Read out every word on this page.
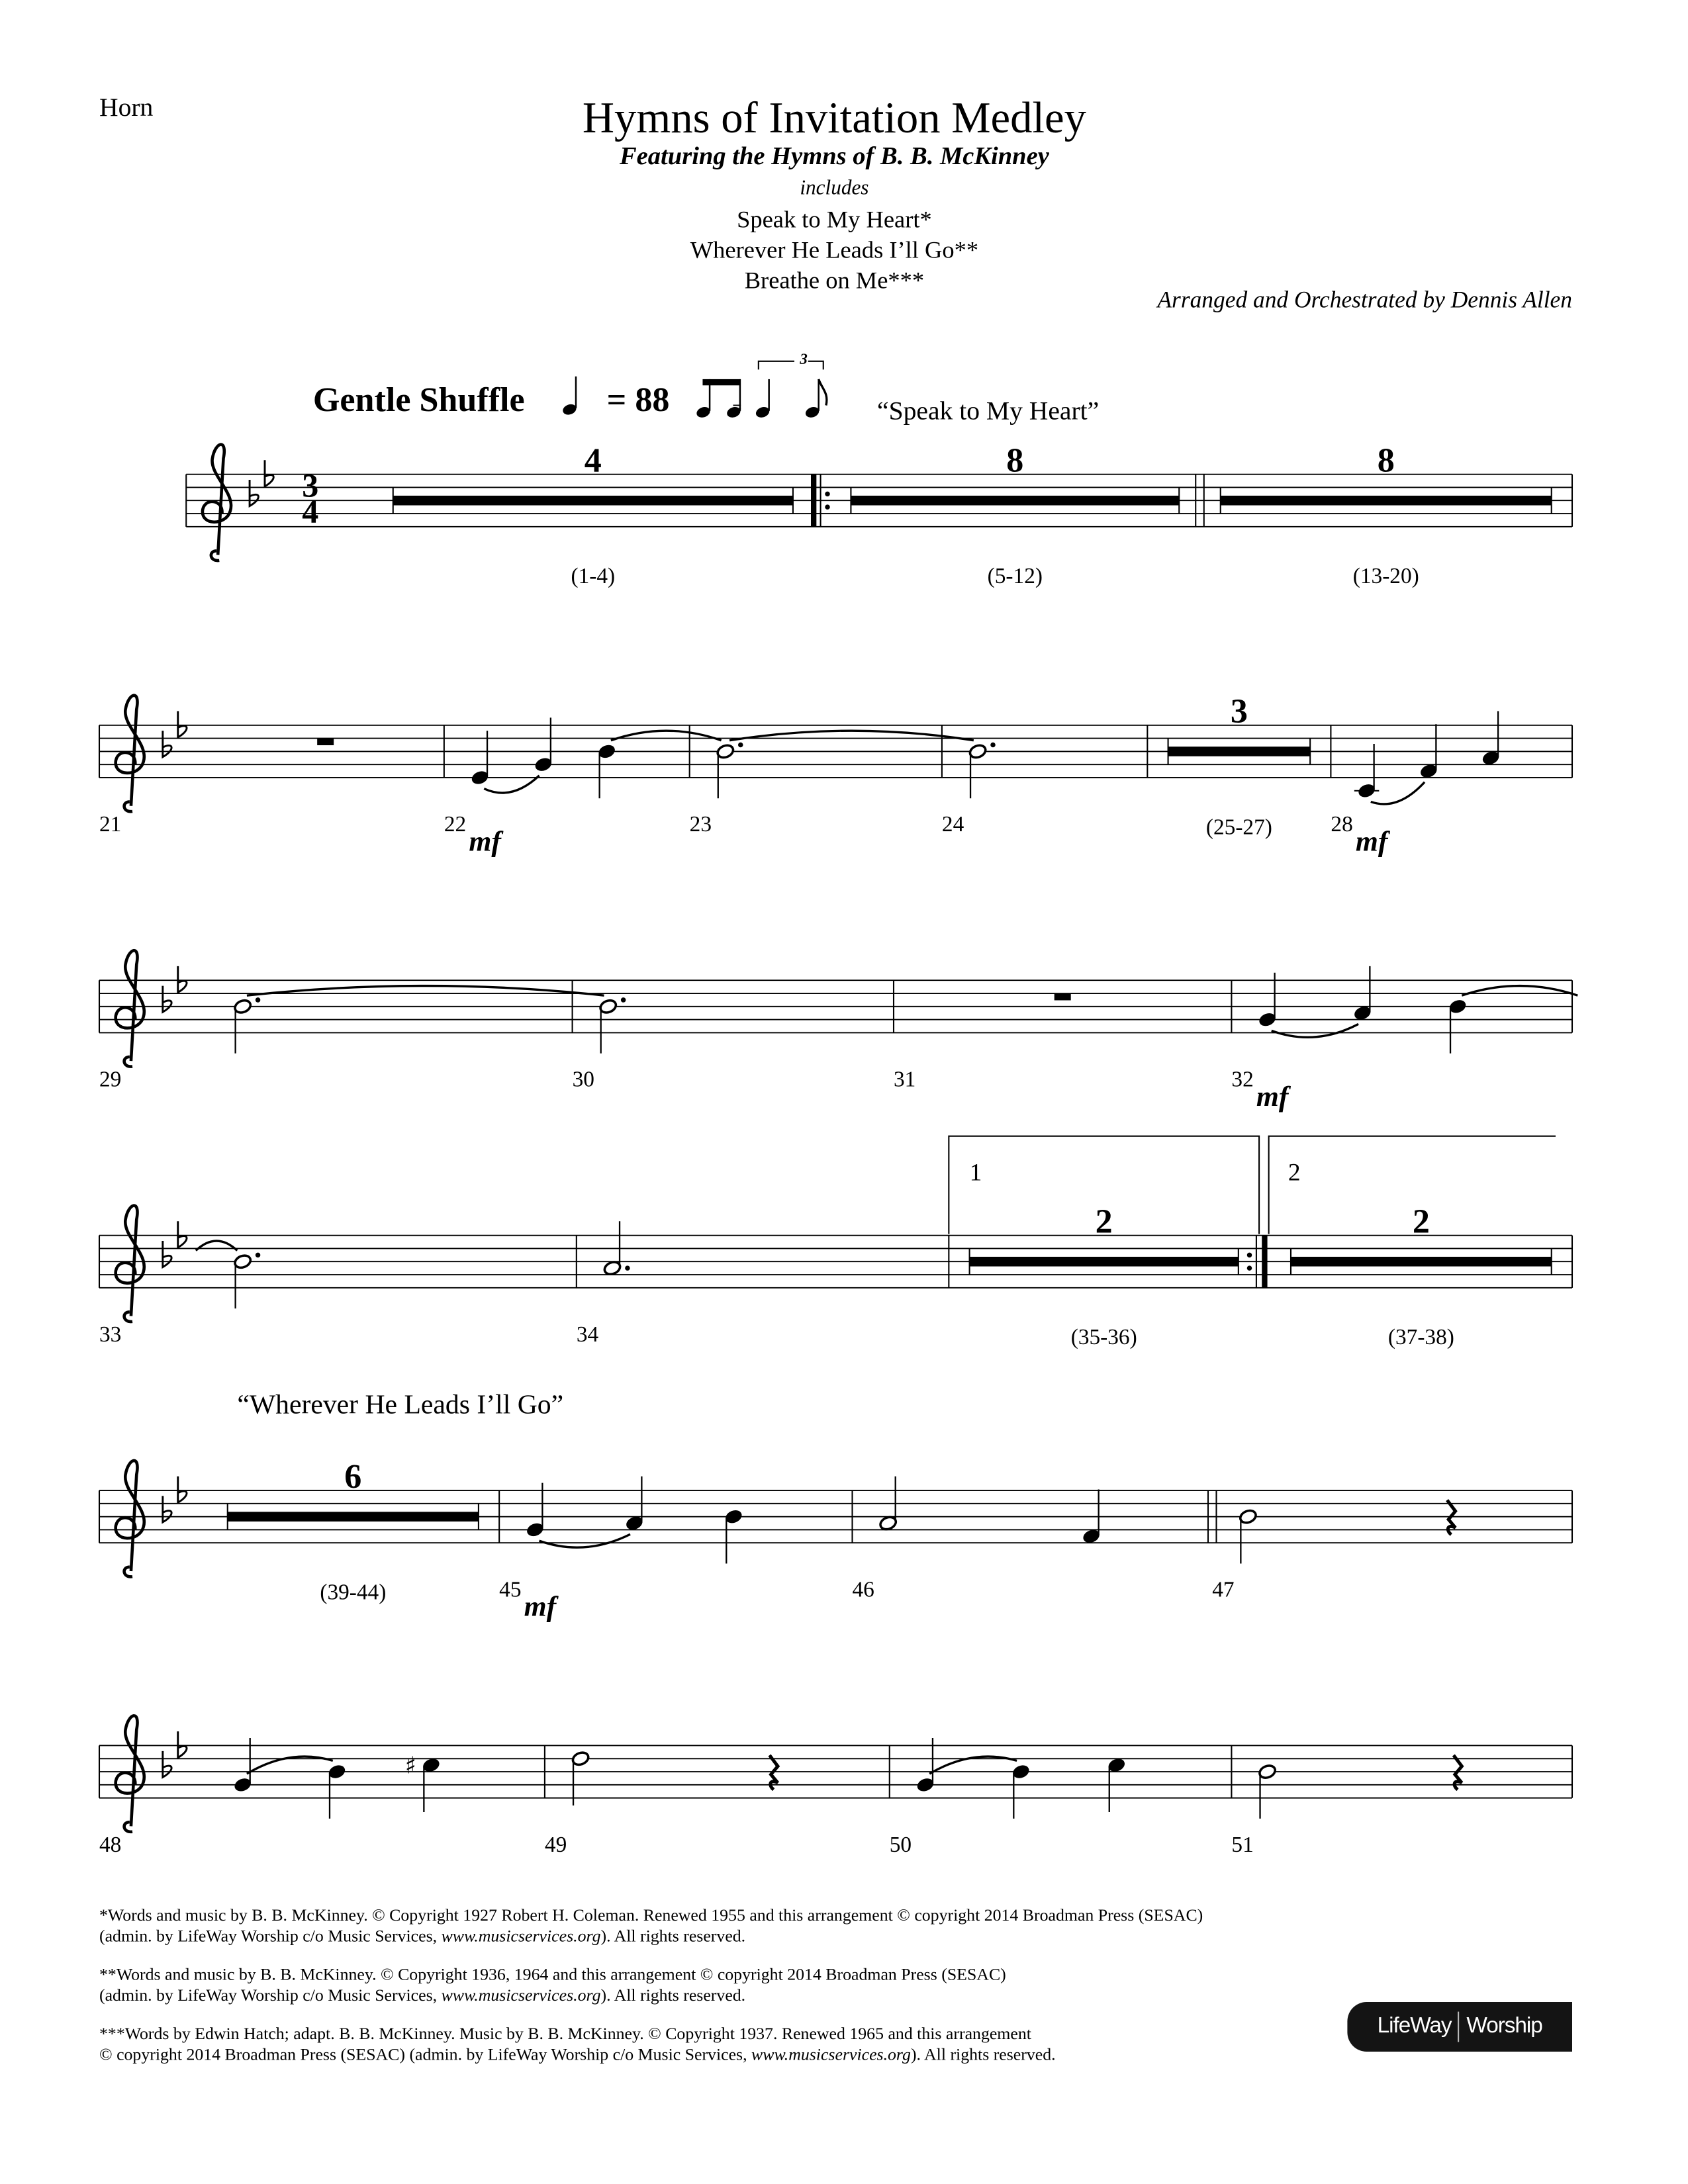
4
(1-4)
8
(5-12)
8
(13-20)
21	22
mf
23	24
3
(25-27)	28
mf
29	30	31	32
mf
33	34
2
(35-36)
2
(37-38)
6
(39-44)	45
mf
46	47
48
♯
49	50	51
Horn	Hymns of Invitation Medley
Featuring the Hymns of B. B. McKinney
includes
Speak to My Heart*
Wherever He Leads I’ll Go**
Breathe on Me***
Arranged and Orchestrated by Dennis Allen
Gentle Shuffle	= 88	=
3
“Speak to My Heart”
“Wherever He Leads I’ll Go”
3
4
1	2
*Words and music by B. B. McKinney. © Copyright 1927 Robert H. Coleman. Renewed 1955 and this arrangement © copyright 2014 Broadman Press (SESAC)
(admin. by LifeWay Worship c/o Music Services, www.musicservices.org). All rights reserved.
**Words and music by B. B. McKinney. © Copyright 1936, 1964 and this arrangement © copyright 2014 Broadman Press (SESAC)
(admin. by LifeWay Worship c/o Music Services, www.musicservices.org). All rights reserved.
***Words by Edwin Hatch; adapt. B. B. McKinney. Music by B. B. McKinney. © Copyright 1937. Renewed 1965 and this arrangement
© copyright 2014 Broadman Press (SESAC) (admin. by LifeWay Worship c/o Music Services, www.musicservices.org). All rights reserved.
LifeWay Worship
